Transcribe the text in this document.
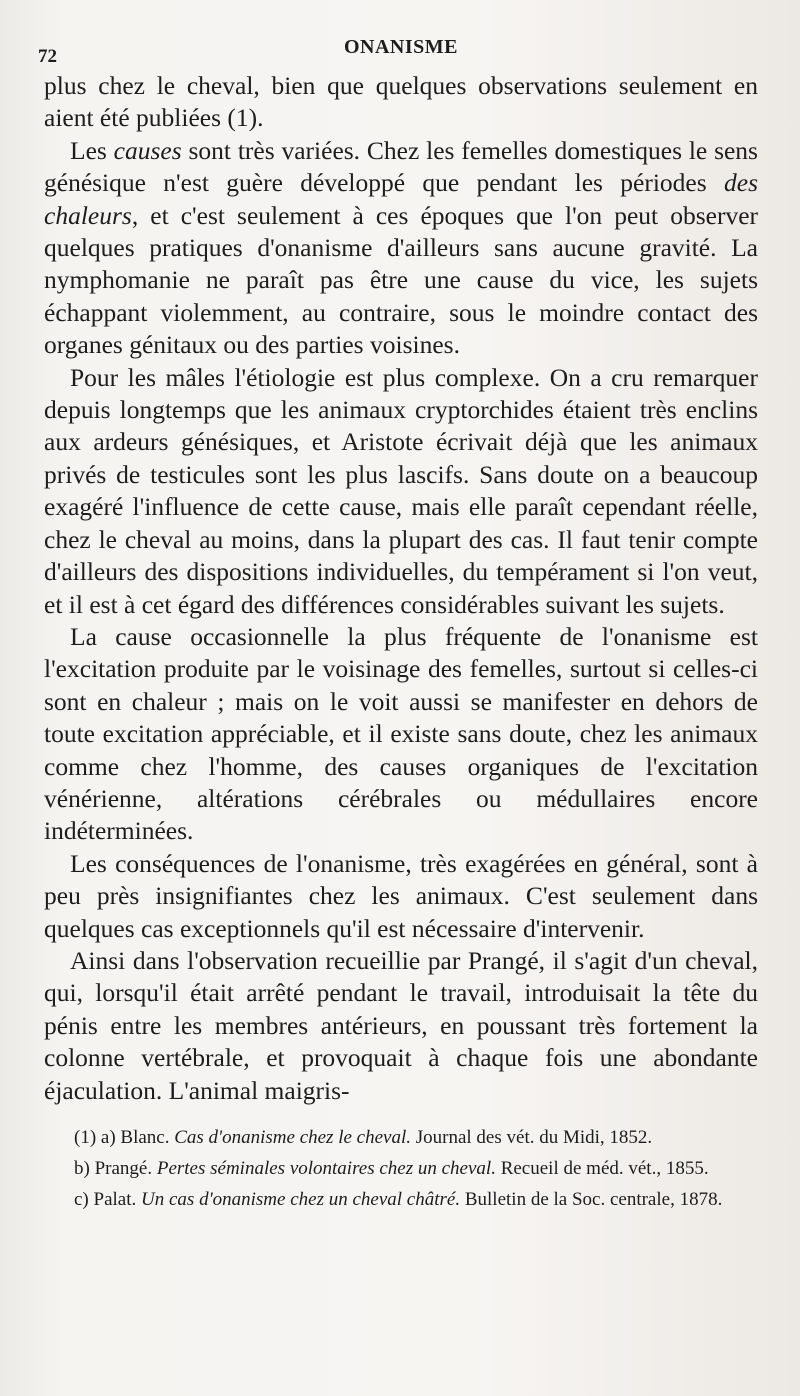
72	ONANISME

plus chez le cheval, bien que quelques observations seulement en aient été publiées (1).

Les causes sont très variées. Chez les femelles domestiques le sens génésique n'est guère développé que pendant les périodes des chaleurs, et c'est seulement à ces époques que l'on peut observer quelques pratiques d'onanisme d'ailleurs sans aucune gravité. La nymphomanie ne paraît pas être une cause du vice, les sujets échappant violemment, au contraire, sous le moindre contact des organes génitaux ou des parties voisines.

Pour les mâles l'étiologie est plus complexe. On a cru remarquer depuis longtemps que les animaux cryptorchides étaient très enclins aux ardeurs génésiques, et Aristote écrivait déjà que les animaux privés de testicules sont les plus lascifs. Sans doute on a beaucoup exagéré l'influence de cette cause, mais elle paraît cependant réelle, chez le cheval au moins, dans la plupart des cas. Il faut tenir compte d'ailleurs des dispositions individuelles, du tempérament si l'on veut, et il est à cet égard des différences considérables suivant les sujets.

La cause occasionnelle la plus fréquente de l'onanisme est l'excitation produite par le voisinage des femelles, surtout si celles-ci sont en chaleur ; mais on le voit aussi se manifester en dehors de toute excitation appréciable, et il existe sans doute, chez les animaux comme chez l'homme, des causes organiques de l'excitation vénérienne, altérations cérébrales ou médullaires encore indéterminées.

Les conséquences de l'onanisme, très exagérées en général, sont à peu près insignifiantes chez les animaux. C'est seulement dans quelques cas exceptionnels qu'il est nécessaire d'intervenir.

Ainsi dans l'observation recueillie par Prangé, il s'agit d'un cheval, qui, lorsqu'il était arrêté pendant le travail, introduisait la tête du pénis entre les membres antérieurs, en poussant très fortement la colonne vertébrale, et provoquait à chaque fois une abondante éjaculation. L'animal maigris-

(1) a) Blanc. Cas d'onanisme chez le cheval. Journal des vét. du Midi, 1852.

b) Prangé. Pertes séminales volontaires chez un cheval. Recueil de méd. vét., 1855.

c) Palat. Un cas d'onanisme chez un cheval châtré. Bulletin de la Soc. centrale, 1878.
